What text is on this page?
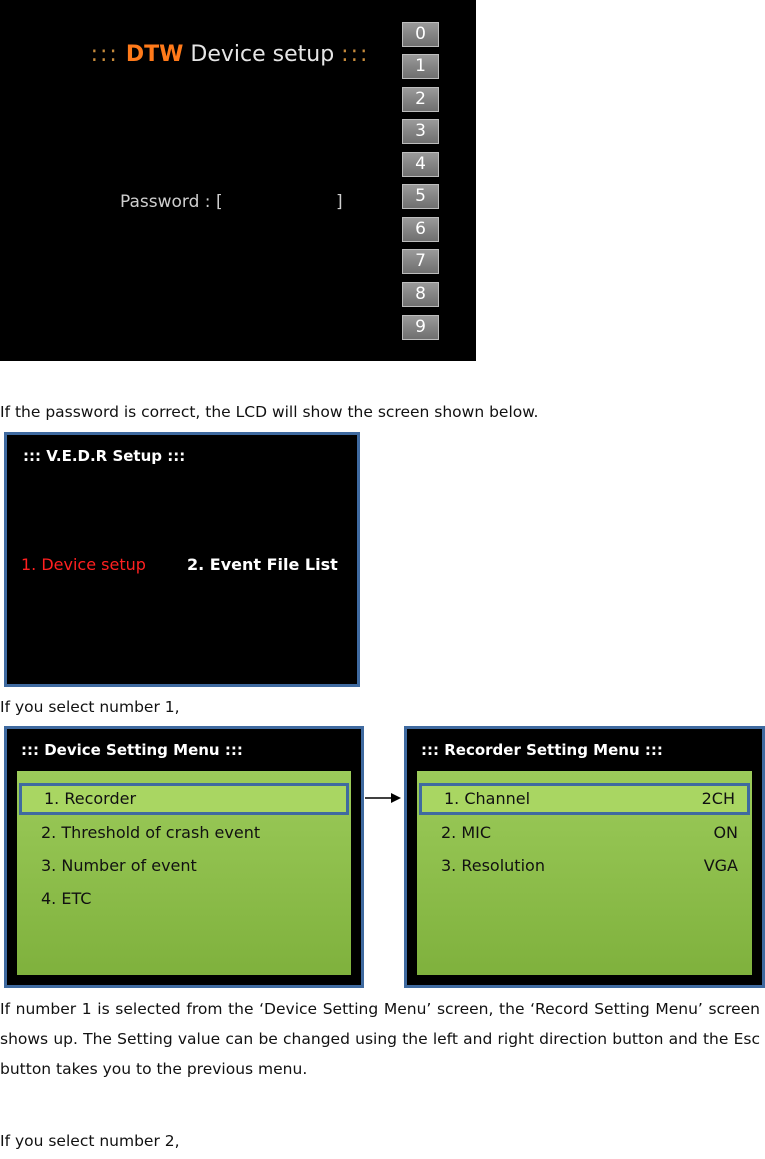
::: DTW Device setup :::
Password : [	]
0
1
2
3
4
5
6
7
8
9
If the password is correct, the LCD will show the screen shown below.
::: V.E.D.R Setup :::
1. Device setup	2. Event File List
If you select number 1,
::: Device Setting Menu :::
1. Recorder
2. Threshold of crash event
3. Number of event
4. ETC
::: Recorder Setting Menu :::
1. Channel	2CH
2. MIC	ON
3. Resolution	VGA
If number 1 is selected from the ‘Device Setting Menu’ screen, the ‘Record Setting Menu’ screen shows up. The Setting value can be changed using the left and right direction button and the Esc button takes you to the previous menu.
If you select number 2,
